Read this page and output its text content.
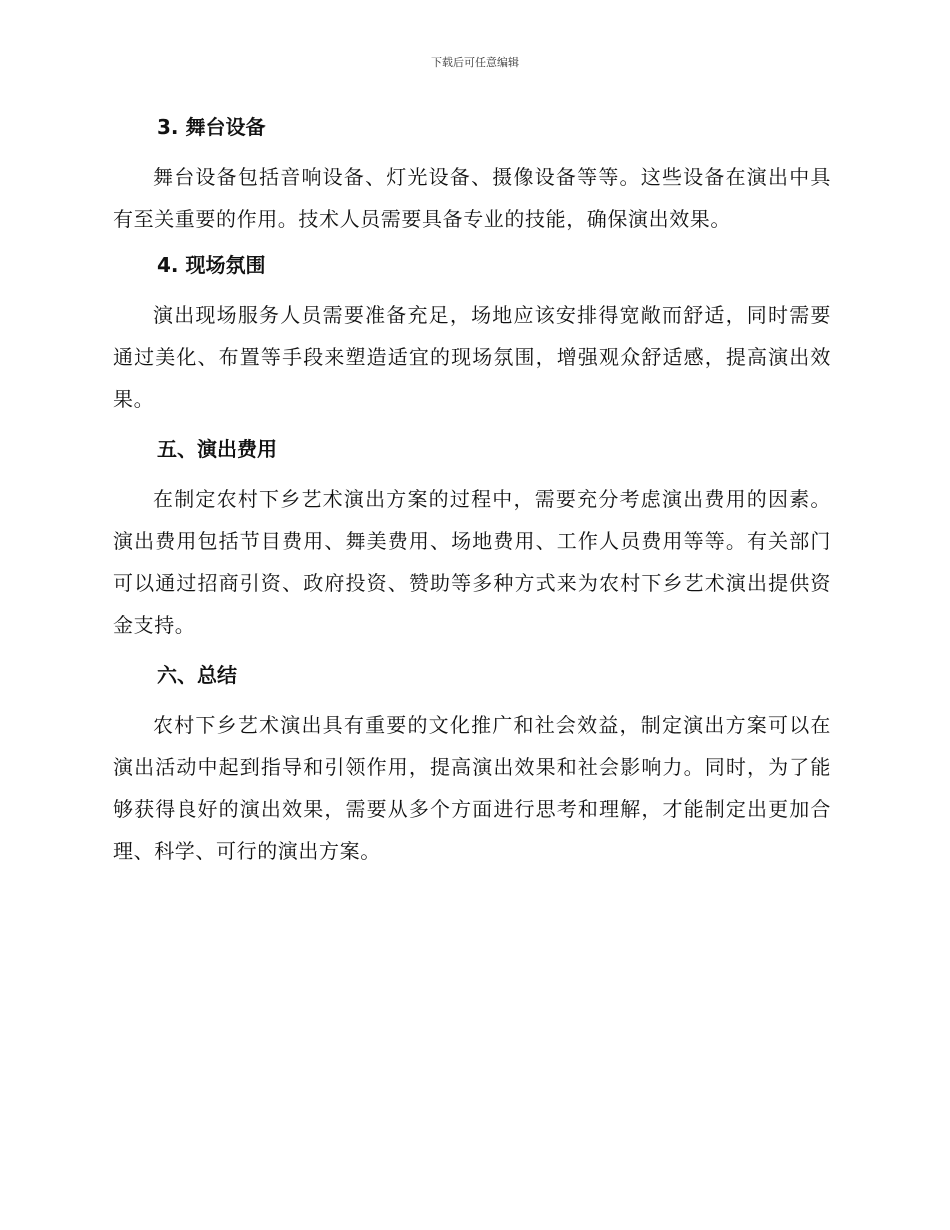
下载后可任意编辑
3. 舞台设备

舞台设备包括音响设备、灯光设备、摄像设备等等。这些设备在演出中具有至关重要的作用。技术人员需要具备专业的技能，确保演出效果。

4. 现场氛围

演出现场服务人员需要准备充足，场地应该安排得宽敞而舒适，同时需要通过美化、布置等手段来塑造适宜的现场氛围，增强观众舒适感，提高演出效果。

五、演出费用

在制定农村下乡艺术演出方案的过程中，需要充分考虑演出费用的因素。演出费用包括节目费用、舞美费用、场地费用、工作人员费用等等。有关部门可以通过招商引资、政府投资、赞助等多种方式来为农村下乡艺术演出提供资金支持。

六、总结

农村下乡艺术演出具有重要的文化推广和社会效益，制定演出方案可以在演出活动中起到指导和引领作用，提高演出效果和社会影响力。同时，为了能够获得良好的演出效果，需要从多个方面进行思考和理解，才能制定出更加合理、科学、可行的演出方案。
